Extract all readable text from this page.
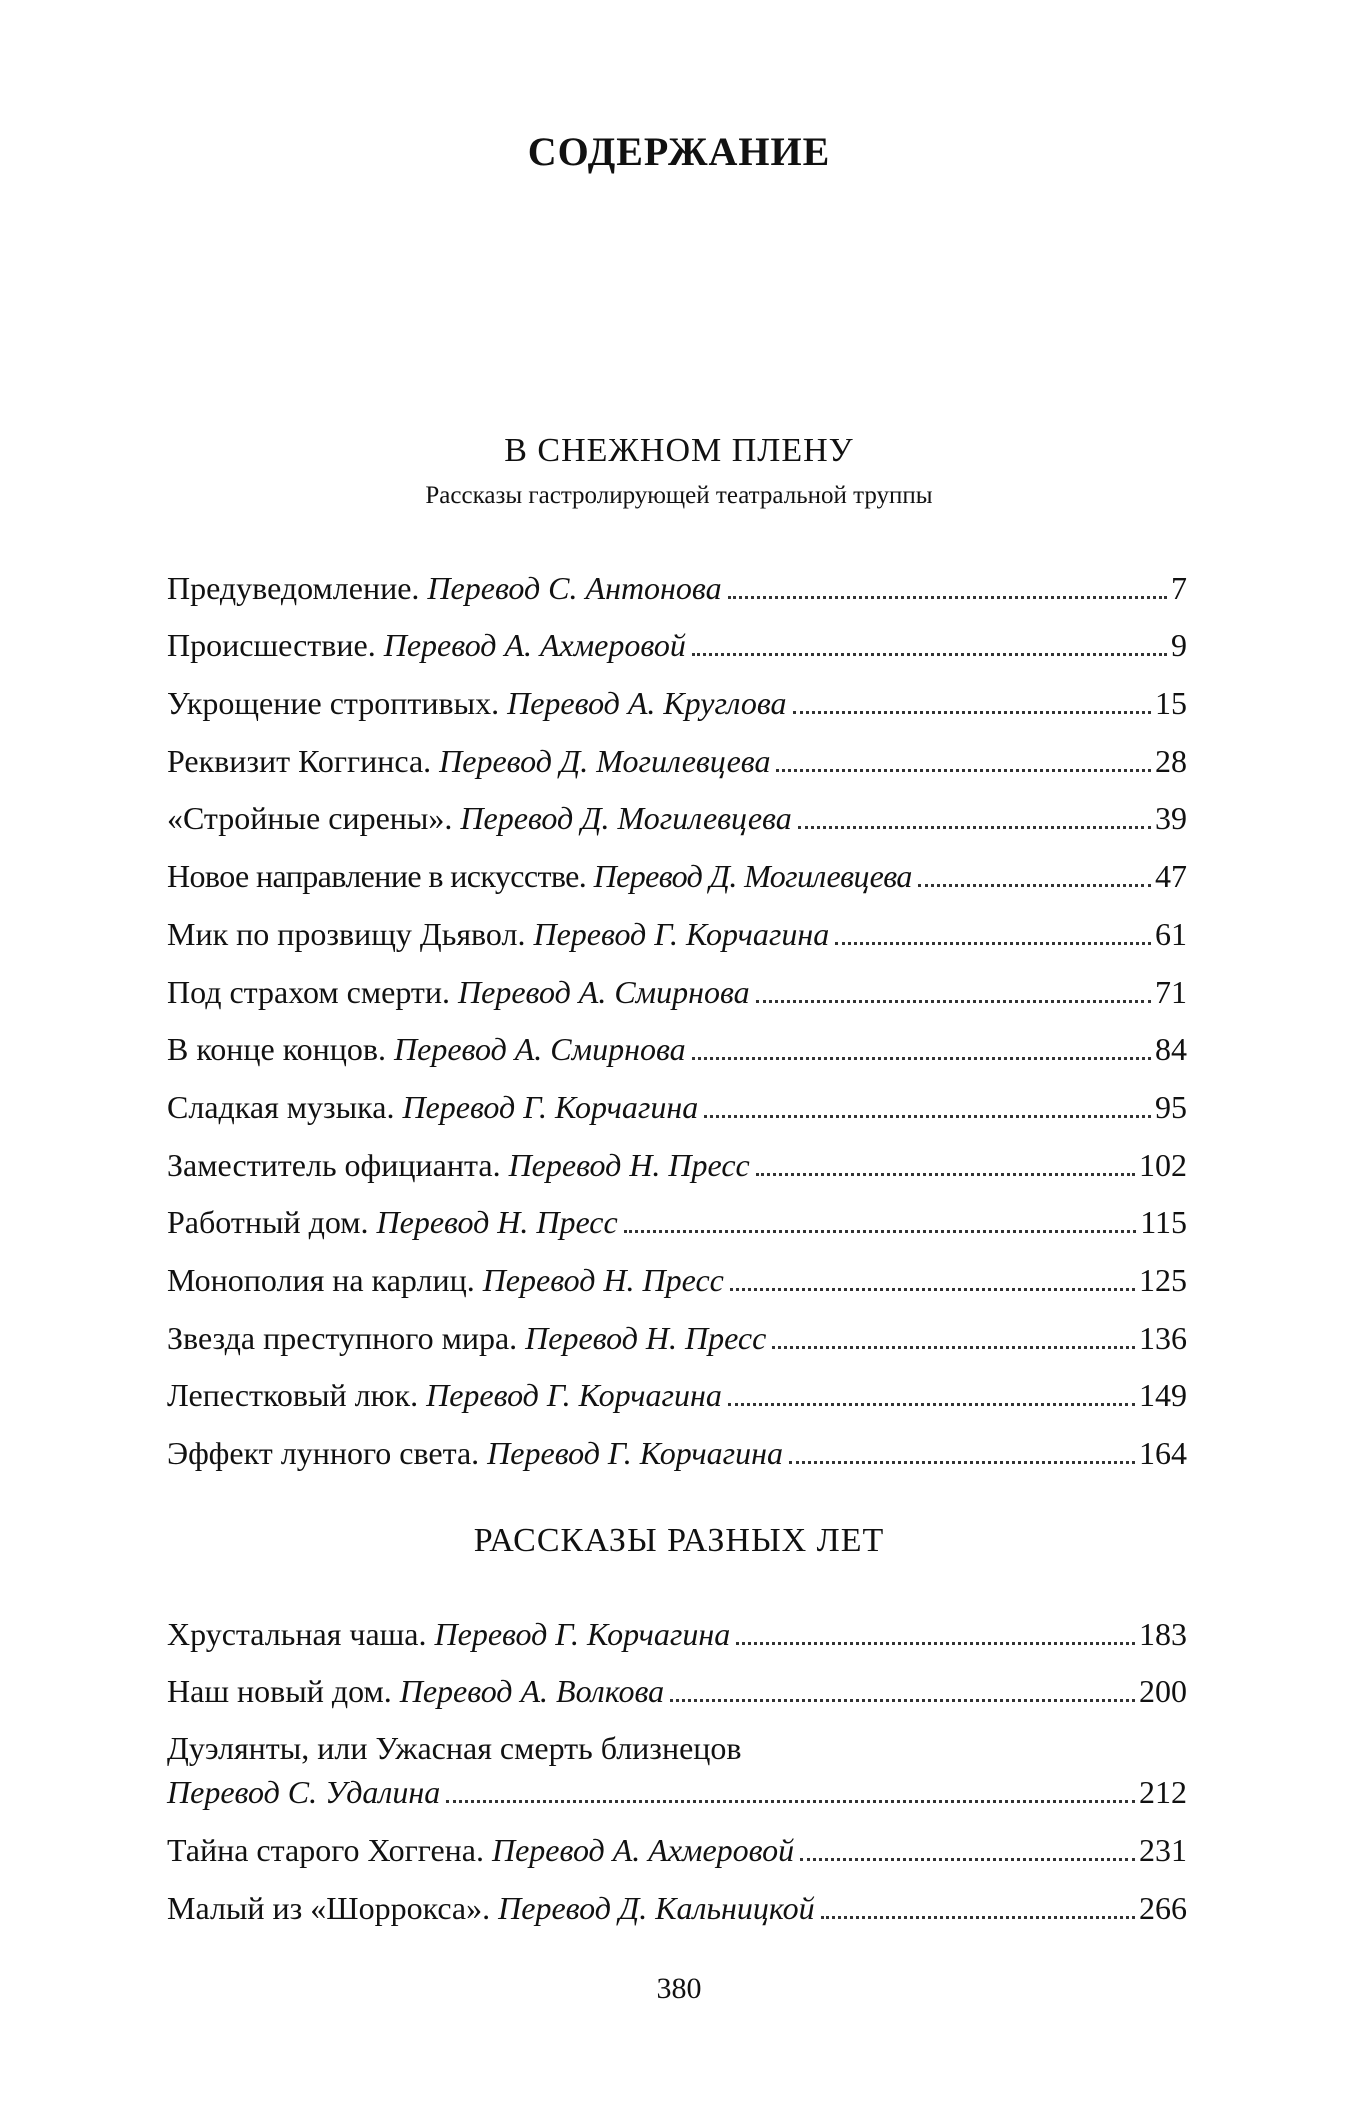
СОДЕРЖАНИЕ
В СНЕЖНОМ ПЛЕНУ
Рассказы гастролирующей театральной труппы
Предуведомление. Перевод С. Антонова	7
Происшествие. Перевод А. Ахмеровой	9
Укрощение строптивых. Перевод А. Круглова	15
Реквизит Коггинса. Перевод Д. Могилевцева	28
«Стройные сирены». Перевод Д. Могилевцева	39
Новое направление в искусстве. Перевод Д. Могилевцева	47
Мик по прозвищу Дьявол. Перевод Г. Корчагина	61
Под страхом смерти. Перевод А. Смирнова	71
В конце концов. Перевод А. Смирнова	84
Сладкая музыка. Перевод Г. Корчагина	95
Заместитель официанта. Перевод Н. Пресс	102
Работный дом. Перевод Н. Пресс	115
Монополия на карлиц. Перевод Н. Пресс	125
Звезда преступного мира. Перевод Н. Пресс	136
Лепестковый люк. Перевод Г. Корчагина	149
Эффект лунного света. Перевод Г. Корчагина	164
РАССКАЗЫ РАЗНЫХ ЛЕТ
Хрустальная чаша. Перевод Г. Корчагина	183
Наш новый дом. Перевод А. Волкова	200
Дуэлянты, или Ужасная смерть близнецов
Перевод С. Удалина	212
Тайна старого Хоггена. Перевод А. Ахмеровой	231
Малый из «Шоррокса». Перевод Д. Кальницкой	266
380
